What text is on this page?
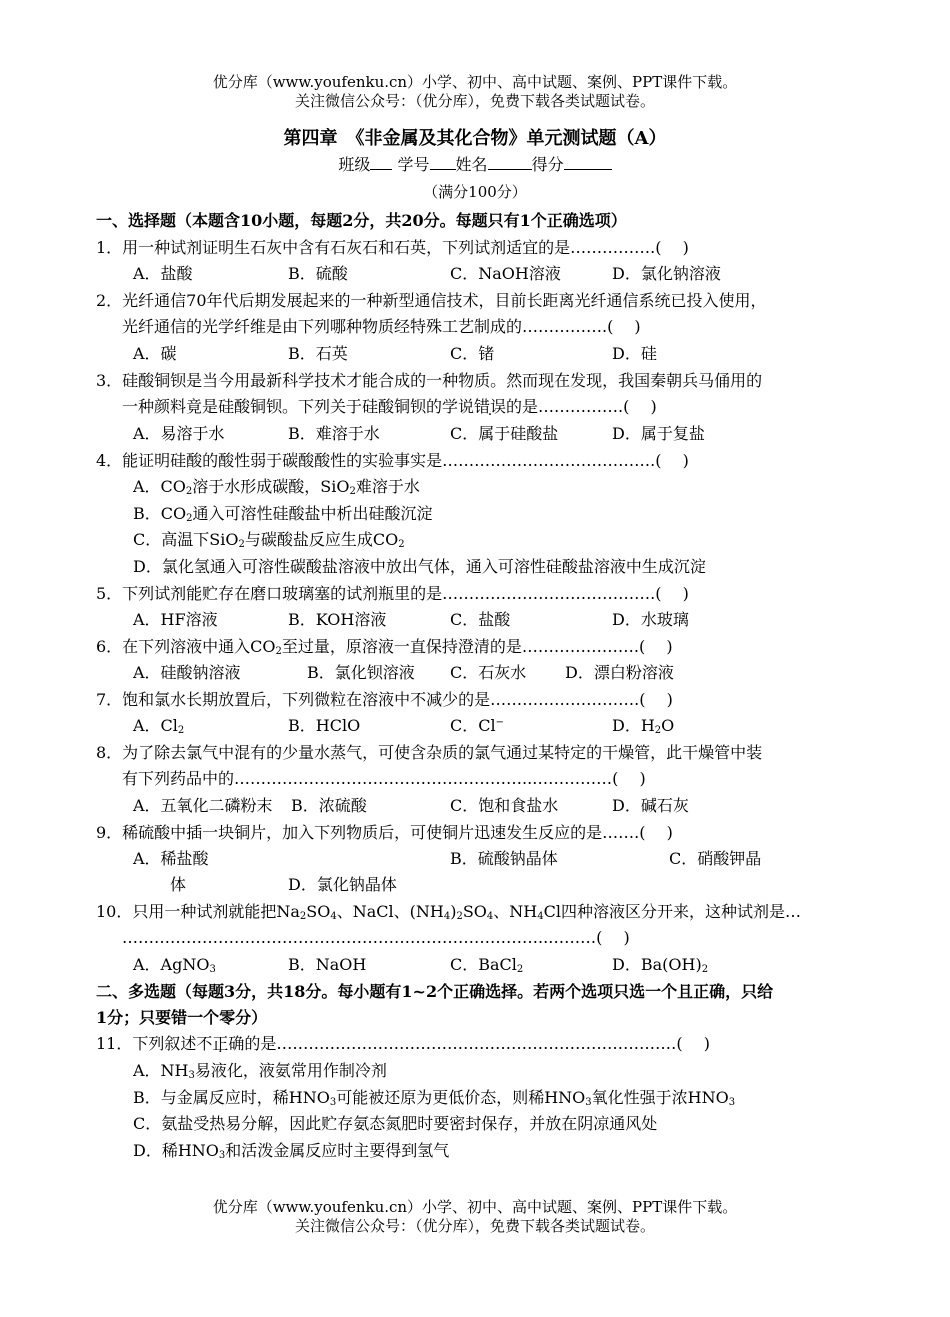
优分库（www.youfenku.cn）小学、初中、高中试题、案例、PPT课件下载。
关注微信公众号：（优分库），免费下载各类试题试卷。
第四章　《非金属及其化合物》单元测试题（A）
班级 学号 姓名	得分
（满分100分）
一、选择题（本题含10小题，每题2分，共20分。每题只有1个正确选项）
1．用一种试剂证明生石灰中含有石灰石和石英，下列试剂适宜的是…………….(　 )
A．盐酸	B．硫酸	C．NaOH溶液	D．氯化钠溶液
2．光纤通信70年代后期发展起来的一种新型通信技术，目前长距离光纤通信系统已投入使用，
光纤通信的光学纤维是由下列哪种物质经特殊工艺制成的…………….(　 )
A．碳	B．石英	C．锗	D．硅
3．硅酸铜钡是当今用最新科学技术才能合成的一种物质。然而现在发现，我国秦朝兵马俑用的
一种颜料竟是硅酸铜钡。下列关于硅酸铜钡的学说错误的是…………….(　 )
A．易溶于水	B．难溶于水	C．属于硅酸盐	D．属于复盐
4．能证明硅酸的酸性弱于碳酸酸性的实验事实是………………………………….(　 )
A．$CO_2$溶于水形成碳酸，SiO$_2$难溶于水
B．$CO_2$通入可溶性硅酸盐中析出硅酸沉淀
C．高温下SiO$_2$与碳酸盐反应生成$CO_2$
D．氯化氢通入可溶性碳酸盐溶液中放出气体，通入可溶性硅酸盐溶液中生成沉淀
5．下列试剂能贮存在磨口玻璃塞的试剂瓶里的是………………………………….(　 )
A．HF溶液	B．KOH溶液	C．盐酸	D．水玻璃
6．在下列溶液中通入$CO_2$至过量，原溶液一直保持澄清的是………………….(　 )
A．硅酸钠溶液	B．氯化钡溶液 C．石灰水 D．漂白粉溶液
7．饱和氯水长期放置后，下列微粒在溶液中不减少的是……………………….(　 )
A．$Cl_2$	B．HClO	C．Cl−	D．$H_2O$
8．为了除去氯气中混有的少量水蒸气，可使含杂质的氯气通过某特定的干燥管，此干燥管中装
有下列药品中的………………………………………………..……………(　 )
A．五氧化二磷粉末 B．浓硫酸	C．饱和食盐水	D．碱石灰
9．稀硫酸中插一块铜片，加入下列物质后，可使铜片迅速发生反应的是…….(　 )
A．稀盐酸	B．硫酸钠晶体	C．硝酸钾晶
体	D．氯化钠晶体
10．只用一种试剂就能把$Na_2SO_4$、NaCl、$(NH_4)_2SO_4$、$NH_4Cl$四种溶液区分开来，这种试剂是…
……………………………………………………………………..………(　 )
A．AgNO$_3$	B．NaOH	C．BaCl$_2$	D．$Ba(OH)_2$
二、多选题（每题3分，共18分。每小题有1~2个正确选择。若两个选项只选一个且正确，只给
1分；只要错一个零分）
11．下列叙述不正确的是…………………………………………………………………(　 )
A．$NH_3$易液化，液氨常用作制冷剂
B．与金属反应时，稀$HNO_3$可能被还原为更低价态，则稀$HNO_3$氧化性强于浓$HNO_3$
C．氨盐受热易分解，因此贮存氨态氮肥时要密封保存，并放在阴凉通风处
D．稀$HNO_3$和活泼金属反应时主要得到氢气
优分库（www.youfenku.cn）小学、初中、高中试题、案例、PPT课件下载。
关注微信公众号：（优分库），免费下载各类试题试卷。
